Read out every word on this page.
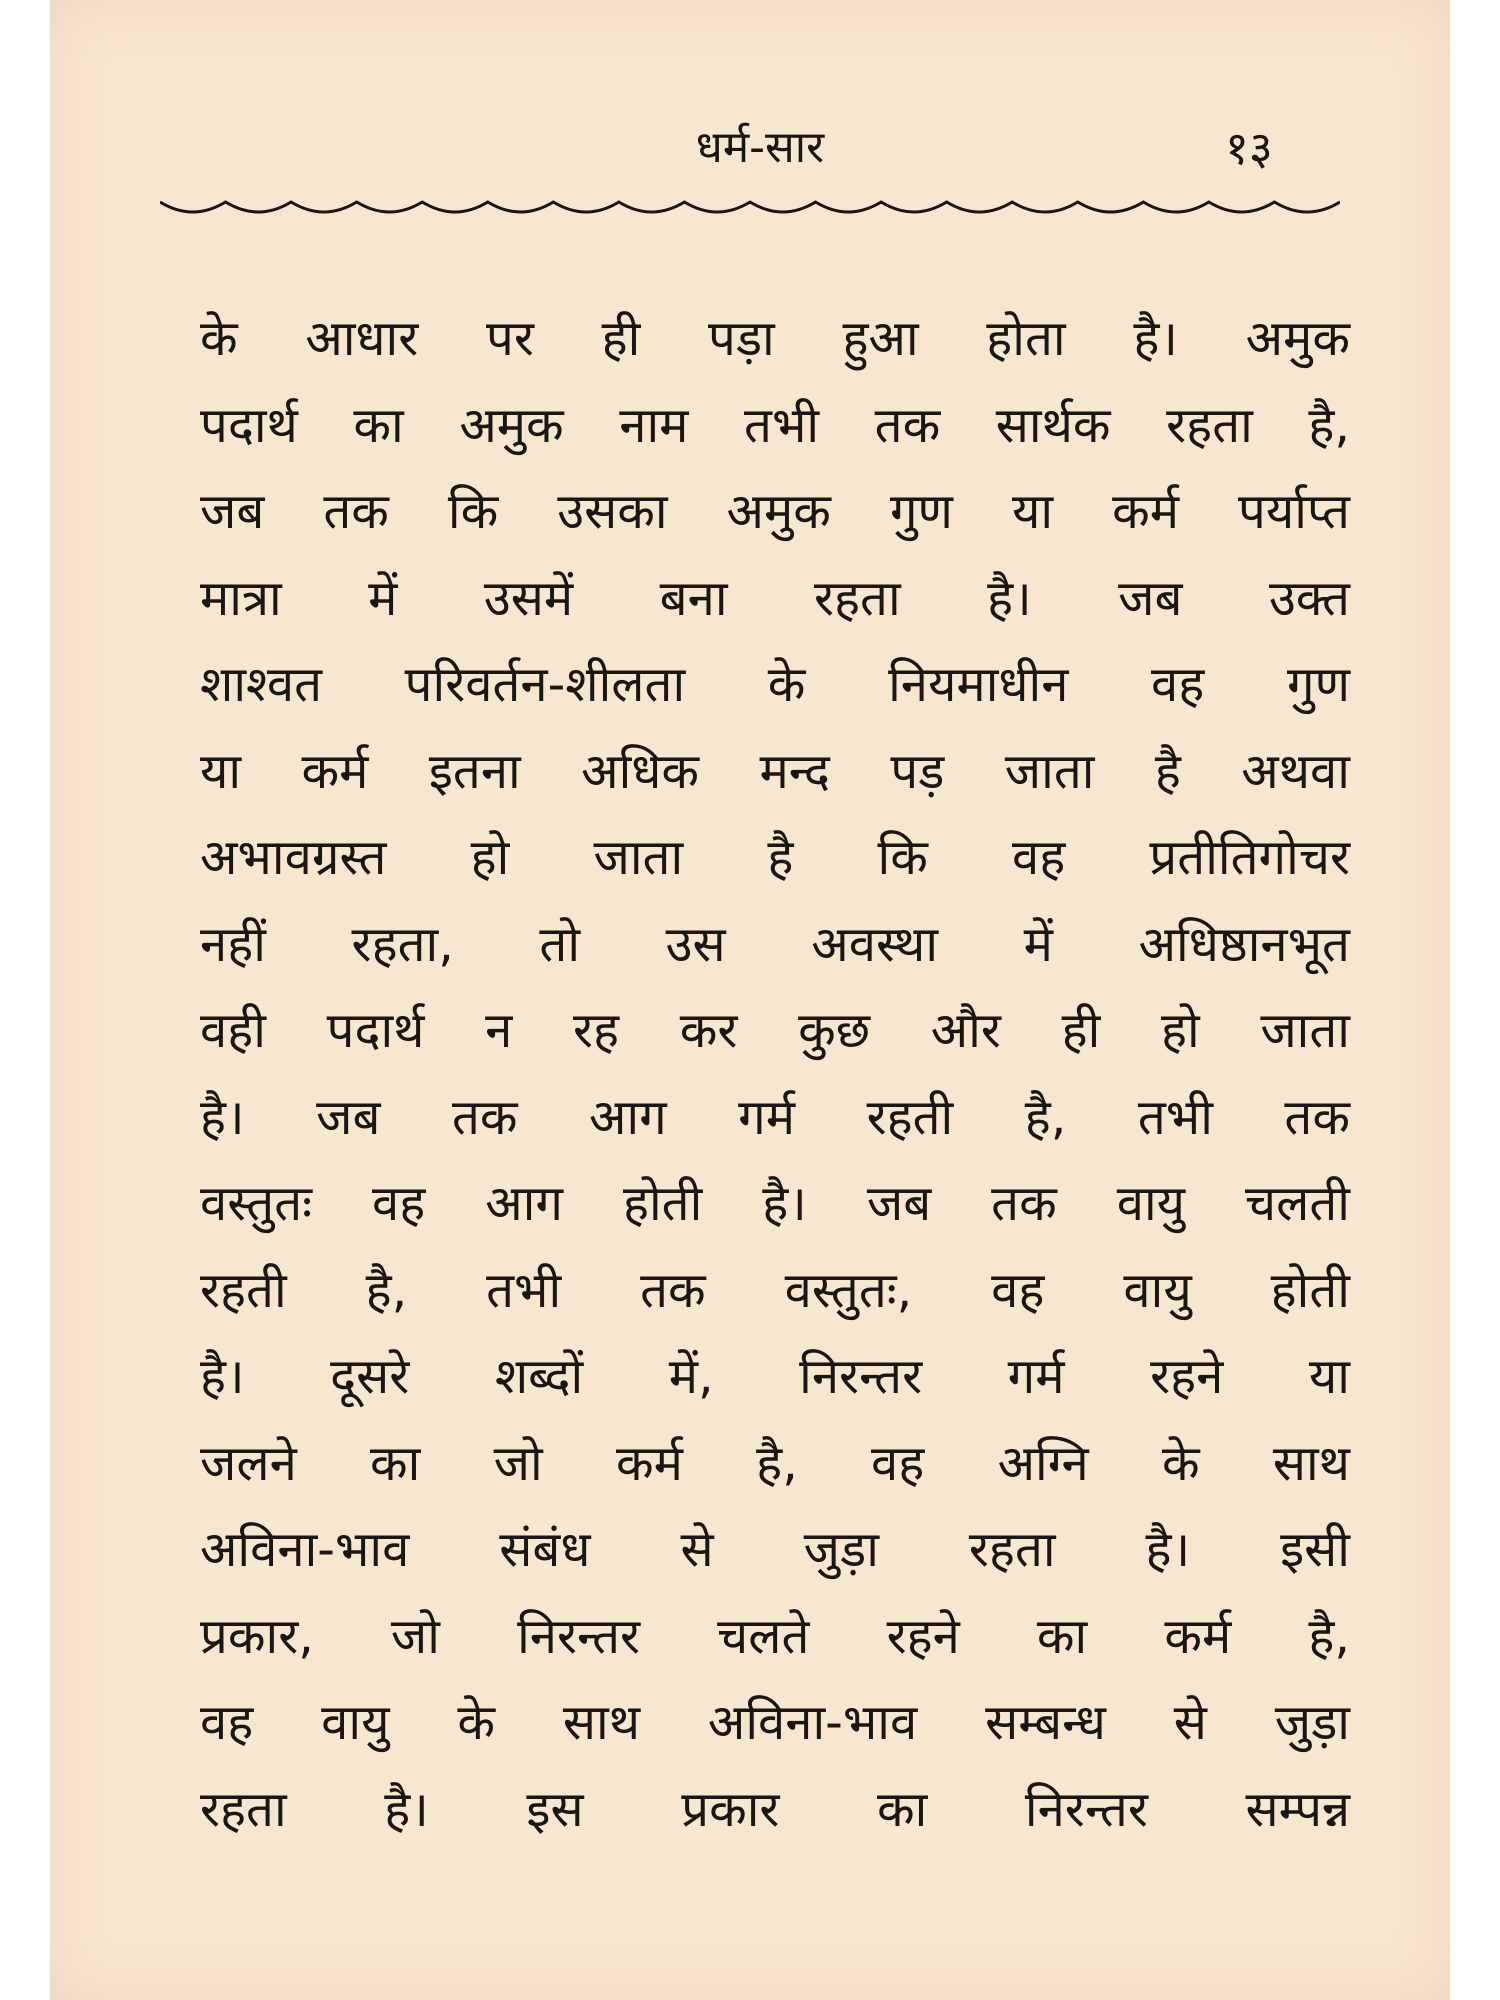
धर्म-सार	१३
के आधार पर ही पड़ा हुआ होता है। अमुक
पदार्थ का अमुक नाम तभी तक सार्थक रहता है,
जब तक कि उसका अमुक गुण या कर्म पर्याप्त
मात्रा में उसमें बना रहता है। जब उक्त
शाश्वत परिवर्तन-शीलता के नियमाधीन वह गुण
या कर्म इतना अधिक मन्द पड़ जाता है अथवा
अभावग्रस्त हो जाता है कि वह प्रतीतिगोचर
नहीं रहता, तो उस अवस्था में अधिष्ठानभूत
वही पदार्थ न रह कर कुछ और ही हो जाता
है। जब तक आग गर्म रहती है, तभी तक
वस्तुतः वह आग होती है। जब तक वायु चलती
रहती है, तभी तक वस्तुतः, वह वायु होती
है। दूसरे शब्दों में, निरन्तर गर्म रहने या
जलने का जो कर्म है, वह अग्नि के साथ
अविना-भाव संबंध से जुड़ा रहता है। इसी
प्रकार, जो निरन्तर चलते रहने का कर्म है,
वह वायु के साथ अविना-भाव सम्बन्ध से जुड़ा
रहता है। इस प्रकार का निरन्तर सम्पन्न
